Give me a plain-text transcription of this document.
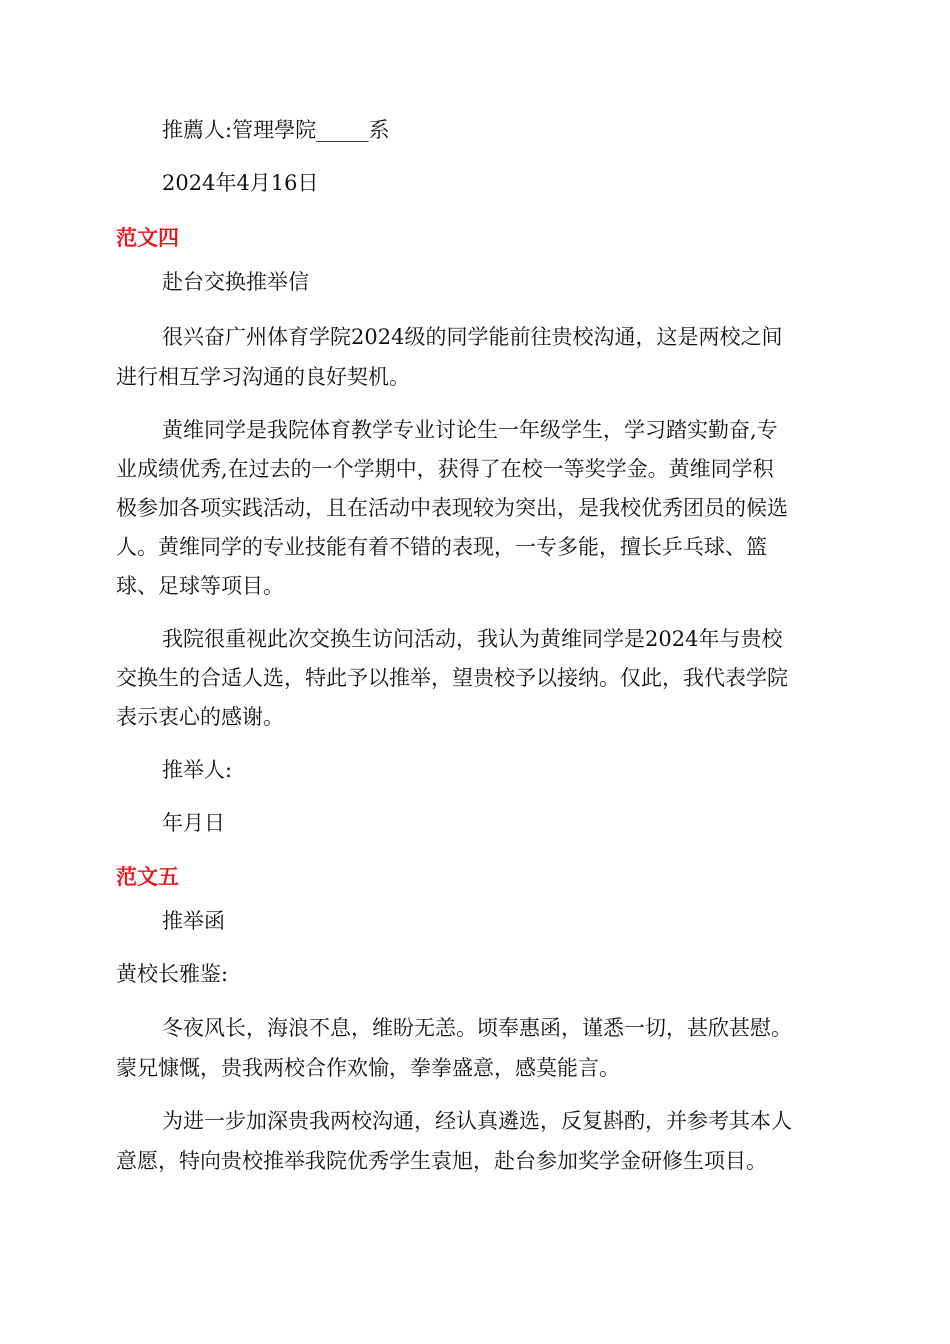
推薦人:管理學院_____系
2024年4月16日
范文四
赴台交换推举信
很兴奋广州体育学院2024级的同学能前往贵校沟通，这是两校之间
进行相互学习沟通的良好契机。
黄维同学是我院体育教学专业讨论生一年级学生，学习踏实勤奋,专
业成绩优秀,在过去的一个学期中，获得了在校一等奖学金。黄维同学积
极参加各项实践活动，且在活动中表现较为突出，是我校优秀团员的候选
人。黄维同学的专业技能有着不错的表现，一专多能，擅长乒乓球、篮
球、足球等项目。
我院很重视此次交换生访问活动，我认为黄维同学是2024年与贵校
交换生的合适人选，特此予以推举，望贵校予以接纳。仅此，我代表学院
表示衷心的感谢。
推举人:
年月日
范文五
推举函
黄校长雅鉴:
冬夜风长，海浪不息，维盼无恙。顷奉惠函，谨悉一切，甚欣甚慰。
蒙兄慷慨，贵我两校合作欢愉，拳拳盛意，感莫能言。
为进一步加深贵我两校沟通，经认真遴选，反复斟酌，并参考其本人
意愿，特向贵校推举我院优秀学生袁旭，赴台参加奖学金研修生项目。
